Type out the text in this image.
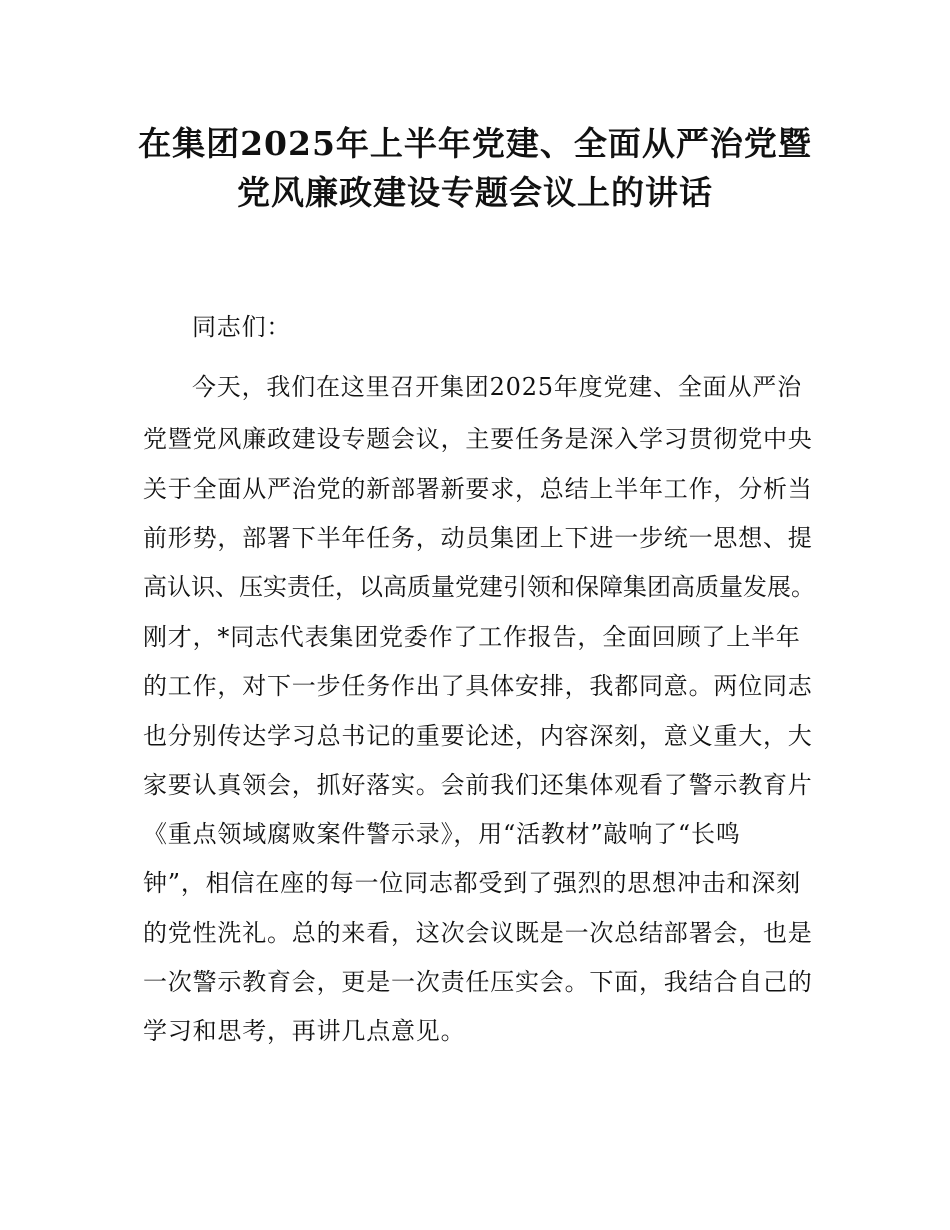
在集团2025年上半年党建、全面从严治党暨
党风廉政建设专题会议上的讲话
同志们：
今天，我们在这里召开集团2025年度党建、全面从严治
党暨党风廉政建设专题会议，主要任务是深入学习贯彻党中央
关于全面从严治党的新部署新要求，总结上半年工作，分析当
前形势，部署下半年任务，动员集团上下进一步统一思想、提
高认识、压实责任，以高质量党建引领和保障集团高质量发展。
刚才，*同志代表集团党委作了工作报告，全面回顾了上半年
的工作，对下一步任务作出了具体安排，我都同意。两位同志
也分别传达学习总书记的重要论述，内容深刻，意义重大，大
家要认真领会，抓好落实。会前我们还集体观看了警示教育片
《重点领域腐败案件警示录》，用“活教材”敲响了“长鸣
钟”，相信在座的每一位同志都受到了强烈的思想冲击和深刻
的党性洗礼。总的来看，这次会议既是一次总结部署会，也是
一次警示教育会，更是一次责任压实会。下面，我结合自己的
学习和思考，再讲几点意见。
